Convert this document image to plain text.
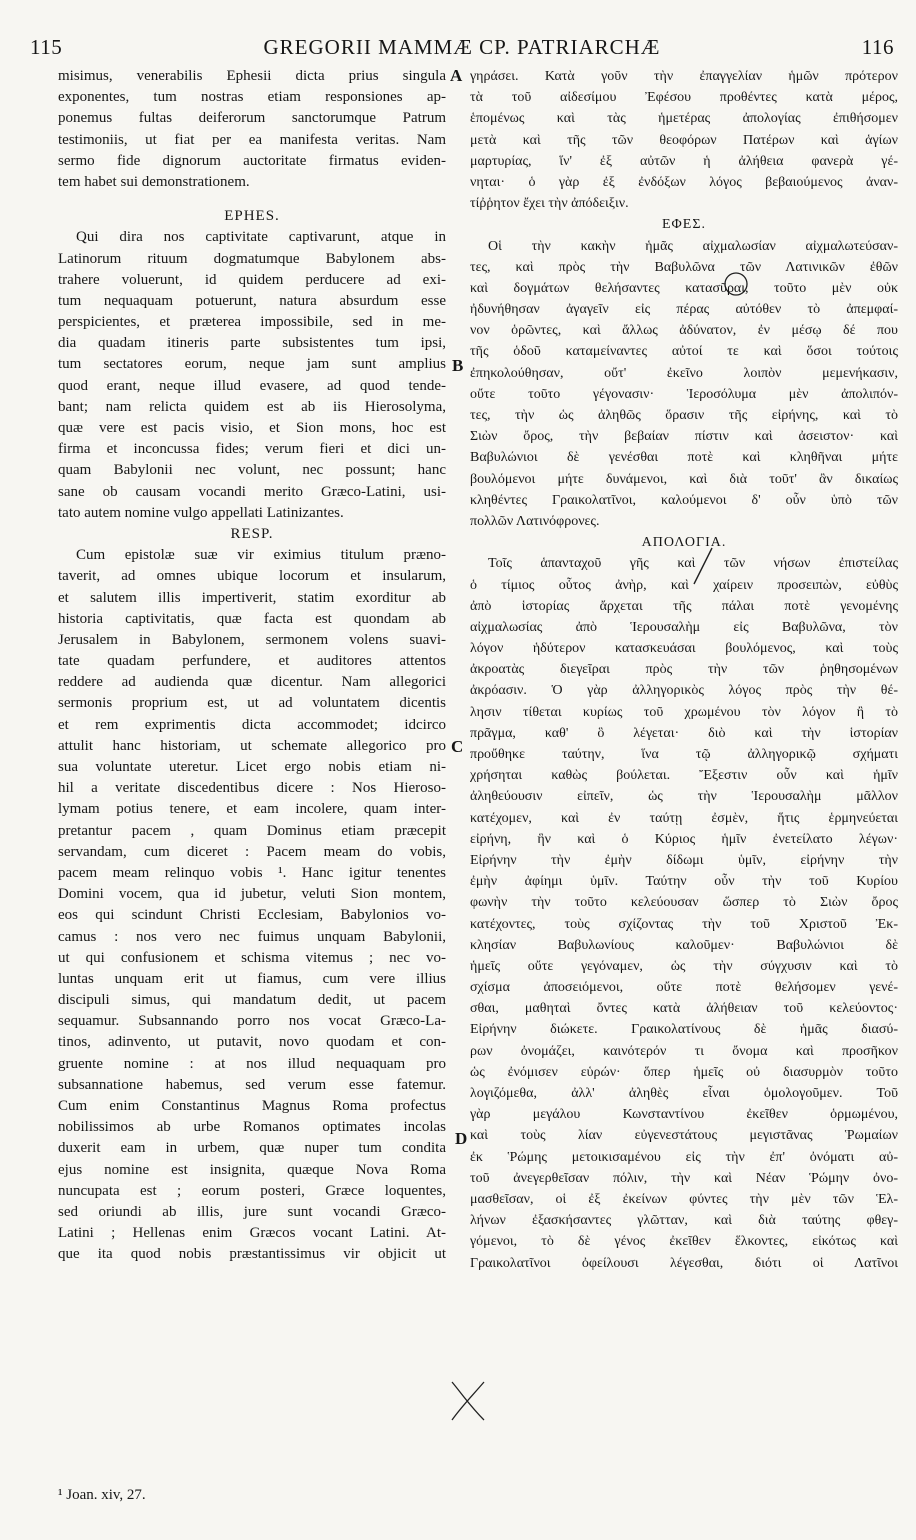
115	GREGORII MAMMÆ CP. PATRIARCHÆ	116
A
B
C
D
misimus, venerabilis Ephesii dicta prius singula
exponentes, tum nostras etiam responsiones ap-
ponemus fultas deiferorum sanctorumque Patrum
testimoniis, ut fiat per ea manifesta veritas. Nam
sermo fide dignorum auctoritate firmatus eviden-
tem habet sui demonstrationem.
EPHES.
Qui dira nos captivitate captivarunt, atque in
Latinorum rituum dogmatumque Babylonem abs-
trahere voluerunt, id quidem perducere ad exi-
tum nequaquam potuerunt, natura absurdum esse
perspicientes, et præterea impossibile, sed in me-
dia quadam itineris parte subsistentes tum ipsi,
tum sectatores eorum, neque jam sunt amplius
quod erant, neque illud evasere, ad quod tende-
bant; nam relicta quidem est ab iis Hierosolyma,
quæ vere est pacis visio, et Sion mons, hoc est
firma et inconcussa fides; verum fieri et dici un-
quam Babylonii nec volunt, nec possunt; hanc
sane ob causam vocandi merito Græco-Latini, usi-
tato autem nomine vulgo appellati Latinizantes.
RESP.
Cum epistolæ suæ vir eximius titulum præno-
taverit, ad omnes ubique locorum et insularum,
et salutem illis impertiverit, statim exorditur ab
historia captivitatis, quæ facta est quondam ab
Jerusalem in Babylonem, sermonem volens suavi-
tate quadam perfundere, et auditores attentos
reddere ad audienda quæ dicentur. Nam allegorici
sermonis proprium est, ut ad voluntatem dicentis
et rem exprimentis dicta accommodet; idcirco
attulit hanc historiam, ut schemate allegorico pro
sua voluntate uteretur. Licet ergo nobis etiam ni-
hil a veritate discedentibus dicere : Nos Hieroso-
lymam potius tenere, et eam incolere, quam inter-
pretantur pacem , quam Dominus etiam præcepit
servandam, cum diceret : Pacem meam do vobis,
pacem meam relinquo vobis ¹. Hanc igitur tenentes
Domini vocem, qua id jubetur, veluti Sion montem,
eos qui scindunt Christi Ecclesiam, Babylonios vo-
camus : nos vero nec fuimus unquam Babylonii,
ut qui confusionem et schisma vitemus ; nec vo-
luntas unquam erit ut fiamus, cum vere illius
discipuli simus, qui mandatum dedit, ut pacem
sequamur. Subsannando porro nos vocat Græco-La-
tinos, adinvento, ut putavit, novo quodam et con-
gruente nomine : at nos illud nequaquam pro
subsannatione habemus, sed verum esse fatemur.
Cum enim Constantinus Magnus Roma profectus
nobilissimos ab urbe Romanos optimates incolas
duxerit eam in urbem, quæ nuper tum condita
ejus nomine est insignita, quæque Nova Roma
nuncupata est ; eorum posteri, Græce loquentes,
sed oriundi ab illis, jure sunt vocandi Græco-
Latini ; Hellenas enim Græcos vocant Latini. At-
que ita quod nobis præstantissimus vir objicit ut
γηράσει. Κατὰ γοῦν τὴν ἐπαγγελίαν ἡμῶν πρότερον
τὰ τοῦ αἰδεσίμου Ἐφέσου προθέντες κατὰ μέρος,
ἑπομένως καὶ τὰς ἡμετέρας ἀπολογίας ἐπιθήσομεν
μετὰ καὶ τῆς τῶν θεοφόρων Πατέρων καὶ ἁγίων
μαρτυρίας, ἵν' ἐξ αὐτῶν ἡ ἀλήθεια φανερὰ γέ-
νηται· ὁ γὰρ ἐξ ἐνδόξων λόγος βεβαιούμενος ἀναν-
τίῤῥητον ἔχει τὴν ἀπόδειξιν.
ΕΦΕΣ.
Οἱ τὴν κακὴν ἡμᾶς αἰχμαλωσίαν αἰχμαλωτεύσαν-
τες, καὶ πρὸς τὴν Βαβυλῶνα τῶν Λατινικῶν ἐθῶν
καὶ δογμάτων θελήσαντες κατασῦραι, τοῦτο μὲν οὐκ
ἠδυνήθησαν ἀγαγεῖν εἰς πέρας αὐτόθεν τὸ ἀπεμφαί-
νον ὁρῶντες, καὶ ἄλλως ἀδύνατον, ἐν μέσῳ δέ που
τῆς ὁδοῦ καταμείναντες αὐτοί τε καὶ ὅσοι τούτοις
ἐπηκολούθησαν, οὔτ' ἐκεῖνο λοιπὸν μεμενήκασιν,
οὔτε τοῦτο γέγονασιν· Ἱεροσόλυμα μὲν ἀπολιπόν-
τες, τὴν ὡς ἀληθῶς ὅρασιν τῆς εἰρήνης, καὶ τὸ
Σιὼν ὄρος, τὴν βεβαίαν πίστιν καὶ ἀσειστον· καὶ
Βαβυλώνιοι δὲ γενέσθαι ποτὲ καὶ κληθῆναι μήτε
βουλόμενοι μήτε δυνάμενοι, καὶ διὰ τοῦτ' ἂν δικαίως
κληθέντες Γραικολατῖνοι, καλούμενοι δ' οὖν ὑπὸ τῶν
πολλῶν Λατινόφρονες.
ΑΠΟΛΟΓΙΑ.
Τοῖς ἁπανταχοῦ γῆς καὶ τῶν νήσων ἐπιστείλας
ὁ τίμιος οὗτος ἀνὴρ, καὶ χαίρειν προσειπὼν, εὐθὺς
ἀπὸ ἱστορίας ἄρχεται τῆς πάλαι ποτὲ γενομένης
αἰχμαλωσίας ἀπὸ Ἱερουσαλὴμ εἰς Βαβυλῶνα, τὸν
λόγον ἡδύτερον κατασκευάσαι βουλόμενος, καὶ τοὺς
ἀκροατὰς διεγεῖραι πρὸς τὴν τῶν ῥηθησομένων
ἀκρόασιν. Ὁ γὰρ ἀλληγορικὸς λόγος πρὸς τὴν θέ-
λησιν τίθεται κυρίως τοῦ χρωμένου τὸν λόγον ἢ τὸ
πρᾶγμα, καθ' ὃ λέγεται· διὸ καὶ τὴν ἱστορίαν
προὔθηκε ταύτην, ἵνα τῷ ἀλληγορικῷ σχήματι
χρήσηται καθὼς βούλεται. Ἔξεστιν οὖν καὶ ἡμῖν
ἀληθεύουσιν εἰπεῖν, ὡς τὴν Ἱερουσαλὴμ μᾶλλον
κατέχομεν, καὶ ἐν ταύτῃ ἐσμὲν, ἥτις ἑρμηνεύεται
εἰρήνη, ἣν καὶ ὁ Κύριος ἡμῖν ἐνετείλατο λέγων·
Εἰρήνην τὴν ἐμὴν δίδωμι ὑμῖν, εἰρήνην τὴν
ἐμὴν ἀφίημι ὑμῖν. Ταύτην οὖν τὴν τοῦ Κυρίου
φωνὴν τὴν τοῦτο κελεύουσαν ὥσπερ τὸ Σιὼν ὄρος
κατέχοντες, τοὺς σχίζοντας τὴν τοῦ Χριστοῦ Ἐκ-
κλησίαν Βαβυλωνίους καλοῦμεν· Βαβυλώνιοι δὲ
ἡμεῖς οὔτε γεγόναμεν, ὡς τὴν σύγχυσιν καὶ τὸ
σχίσμα ἀποσειόμενοι, οὔτε ποτὲ θελήσομεν γενέ-
σθαι, μαθηταὶ ὄντες κατὰ ἀλήθειαν τοῦ κελεύοντος·
Εἰρήνην διώκετε. Γραικολατίνους δὲ ἡμᾶς διασύ-
ρων ὀνομάζει, καινότερόν τι ὄνομα καὶ προσῆκον
ὡς ἐνόμισεν εὑρών· ὅπερ ἡμεῖς οὐ διασυρμὸν τοῦτο
λογιζόμεθα, ἀλλ' ἀληθὲς εἶναι ὁμολογοῦμεν. Τοῦ
γὰρ μεγάλου Κωνσταντίνου ἐκεῖθεν ὁρμωμένου,
καὶ τοὺς λίαν εὐγενεστάτους μεγιστᾶνας Ῥωμαίων
ἐκ Ῥώμης μετοικισαμένου εἰς τὴν ἐπ' ὀνόματι αὐ-
τοῦ ἀνεγερθεῖσαν πόλιν, τὴν καὶ Νέαν Ῥώμην ὀνο-
μασθεῖσαν, οἱ ἐξ ἐκείνων φύντες τὴν μὲν τῶν Ἑλ-
λήνων ἐξασκήσαντες γλῶτταν, καὶ διὰ ταύτης φθεγ-
γόμενοι, τὸ δὲ γένος ἐκεῖθεν ἕλκοντες, εἰκότως καὶ
Γραικολατῖνοι ὀφείλουσι λέγεσθαι, διότι οἱ Λατῖνοι
¹ Joan. xiv, 27.
